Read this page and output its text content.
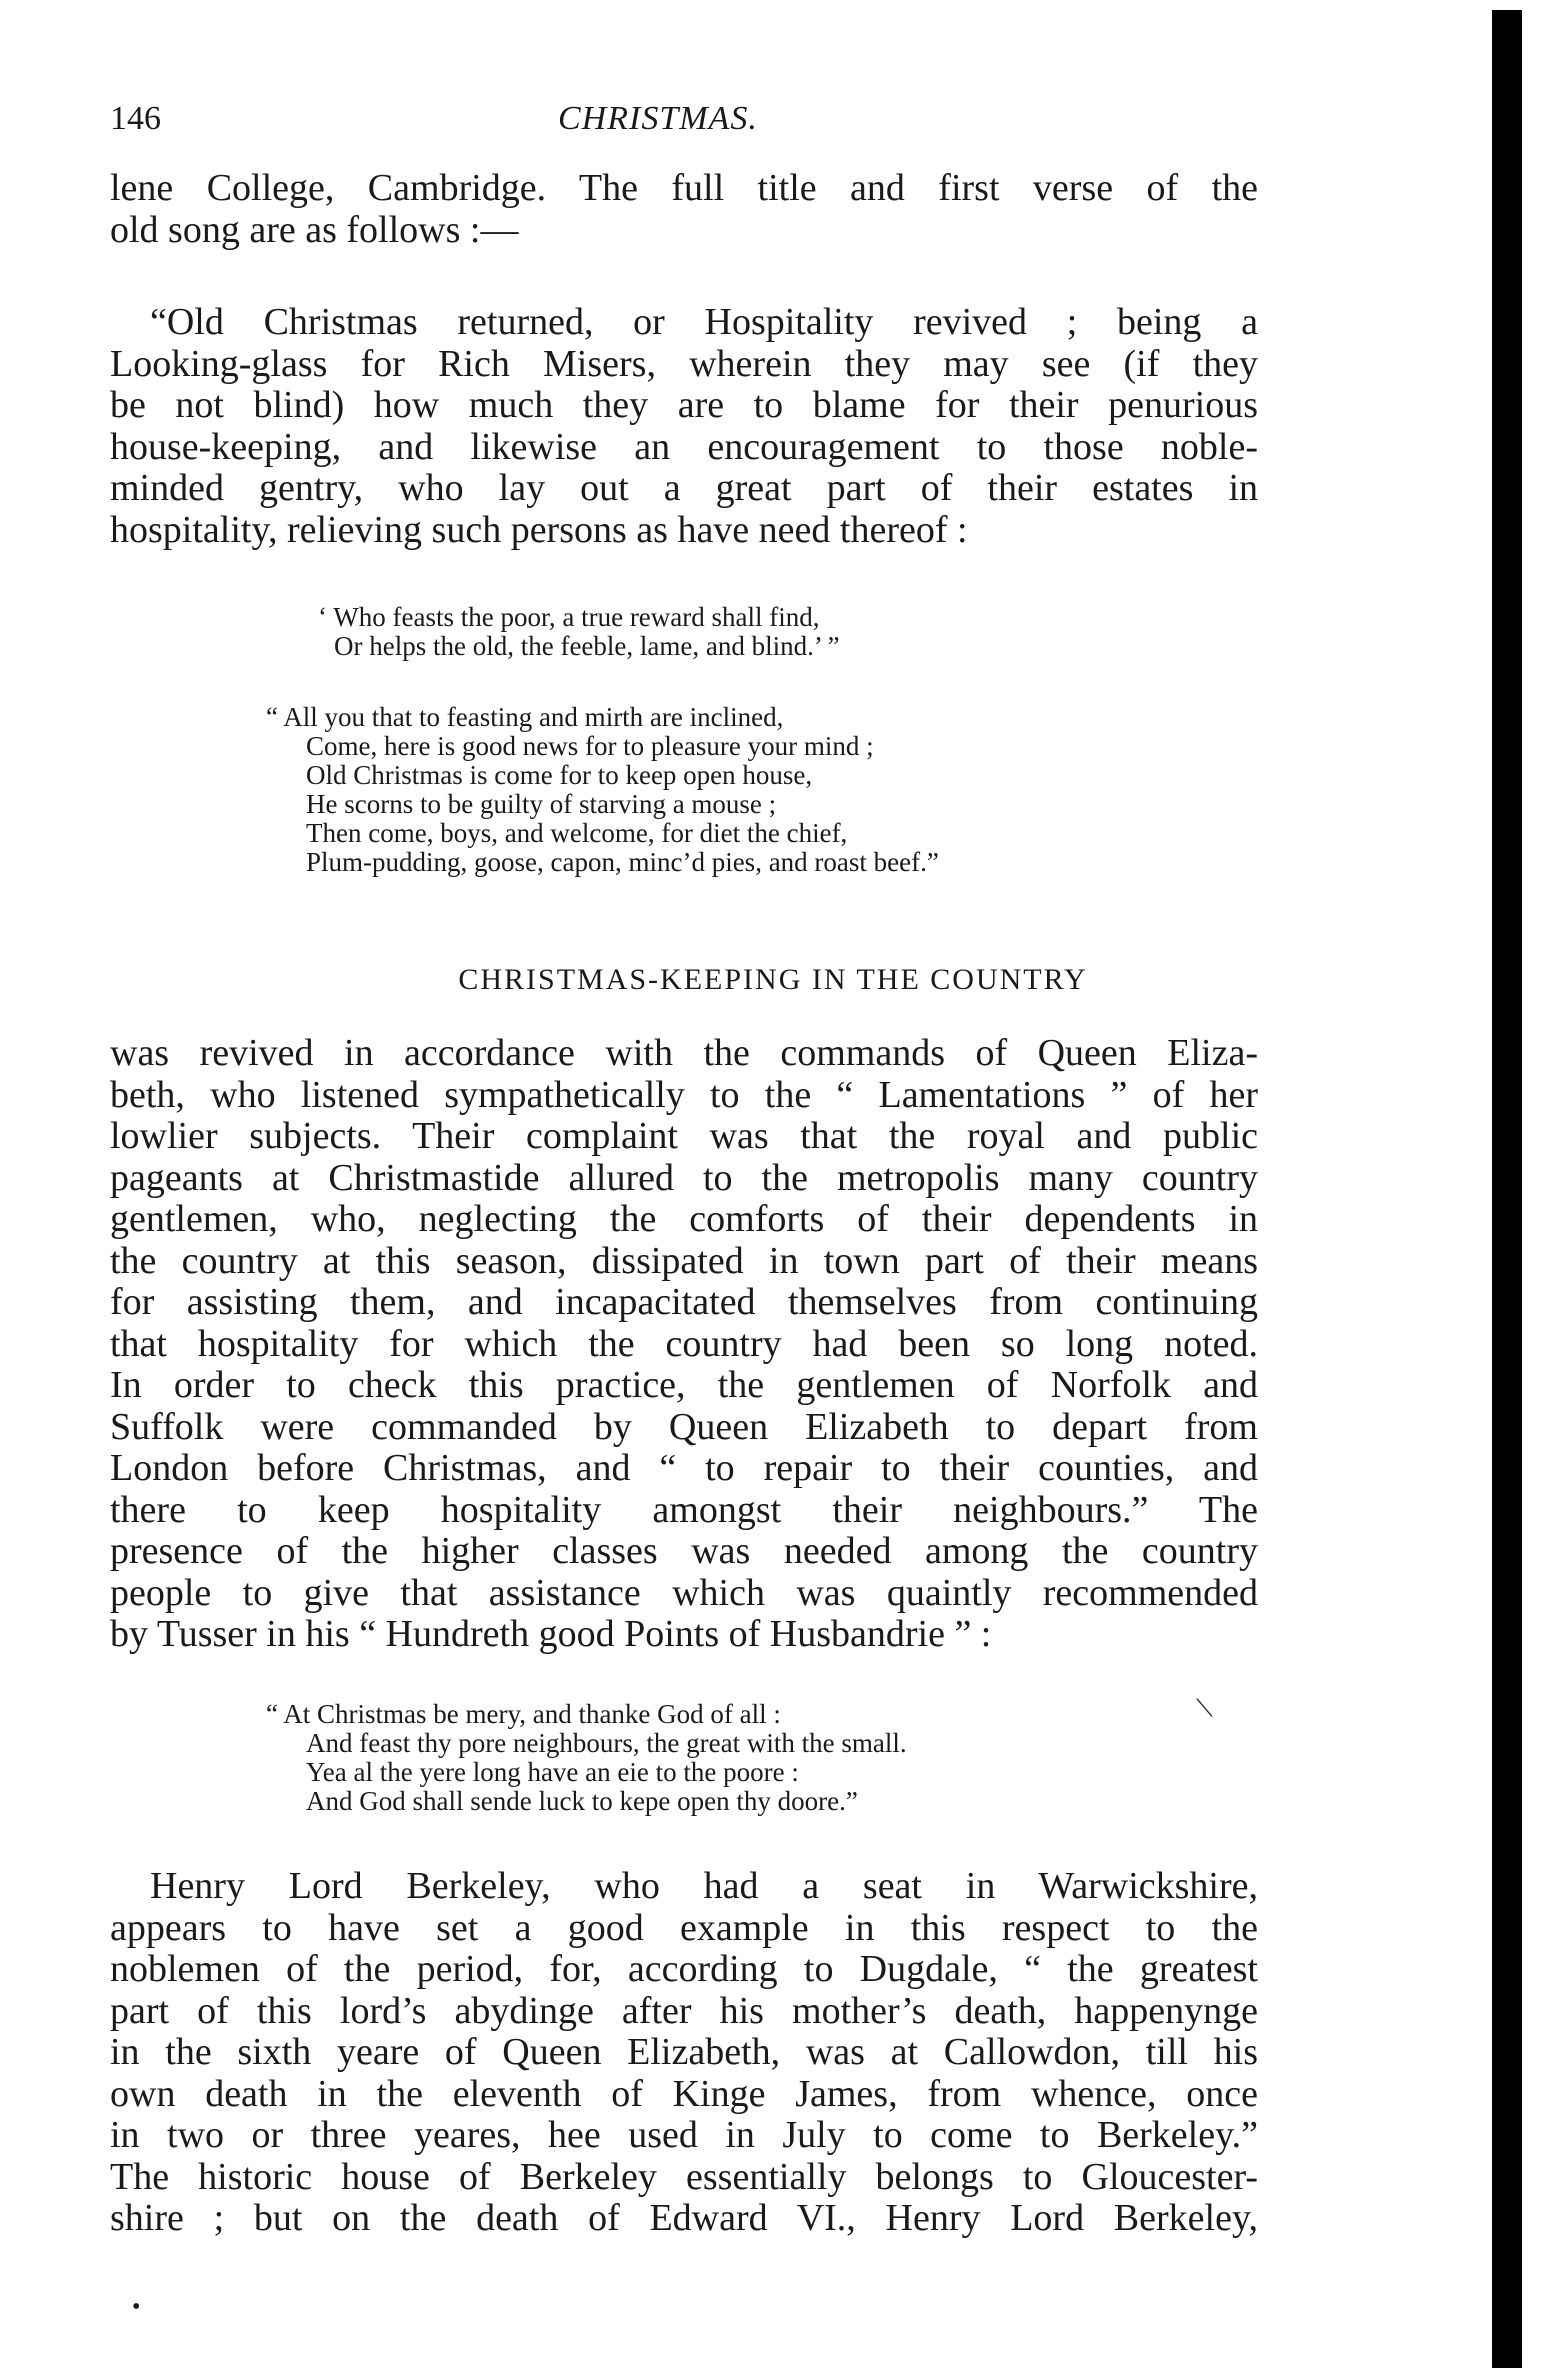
146	CHRISTMAS.
lene College, Cambridge. The full title and first verse of the
old song are as follows :—
“Old Christmas returned, or Hospitality revived ; being a
Looking-glass for Rich Misers, wherein they may see (if they
be not blind) how much they are to blame for their penurious
house-keeping, and likewise an encouragement to those noble-
minded gentry, who lay out a great part of their estates in
hospitality, relieving such persons as have need thereof :
‘ Who feasts the poor, a true reward shall find,
Or helps the old, the feeble, lame, and blind.’ ”
“ All you that to feasting and mirth are inclined,
Come, here is good news for to pleasure your mind ;
Old Christmas is come for to keep open house,
He scorns to be guilty of starving a mouse ;
Then come, boys, and welcome, for diet the chief,
Plum-pudding, goose, capon, minc’d pies, and roast beef.”
CHRISTMAS-KEEPING IN THE COUNTRY
was revived in accordance with the commands of Queen Eliza-
beth, who listened sympathetically to the “ Lamentations ” of her
lowlier subjects. Their complaint was that the royal and public
pageants at Christmastide allured to the metropolis many country
gentlemen, who, neglecting the comforts of their dependents in
the country at this season, dissipated in town part of their means
for assisting them, and incapacitated themselves from continuing
that hospitality for which the country had been so long noted.
In order to check this practice, the gentlemen of Norfolk and
Suffolk were commanded by Queen Elizabeth to depart from
London before Christmas, and “ to repair to their counties, and
there to keep hospitality amongst their neighbours.” The
presence of the higher classes was needed among the country
people to give that assistance which was quaintly recommended
by Tusser in his “ Hundreth good Points of Husbandrie ” :
“ At Christmas be mery, and thanke God of all :
And feast thy pore neighbours, the great with the small.
Yea al the yere long have an eie to the poore :
And God shall sende luck to kepe open thy doore.”
⟍
Henry Lord Berkeley, who had a seat in Warwickshire,
appears to have set a good example in this respect to the
noblemen of the period, for, according to Dugdale, “ the greatest
part of this lord’s abydinge after his mother’s death, happenynge
in the sixth yeare of Queen Elizabeth, was at Callowdon, till his
own death in the eleventh of Kinge James, from whence, once
in two or three yeares, hee used in July to come to Berkeley.”
The historic house of Berkeley essentially belongs to Gloucester-
shire ; but on the death of Edward VI., Henry Lord Berkeley,
•
